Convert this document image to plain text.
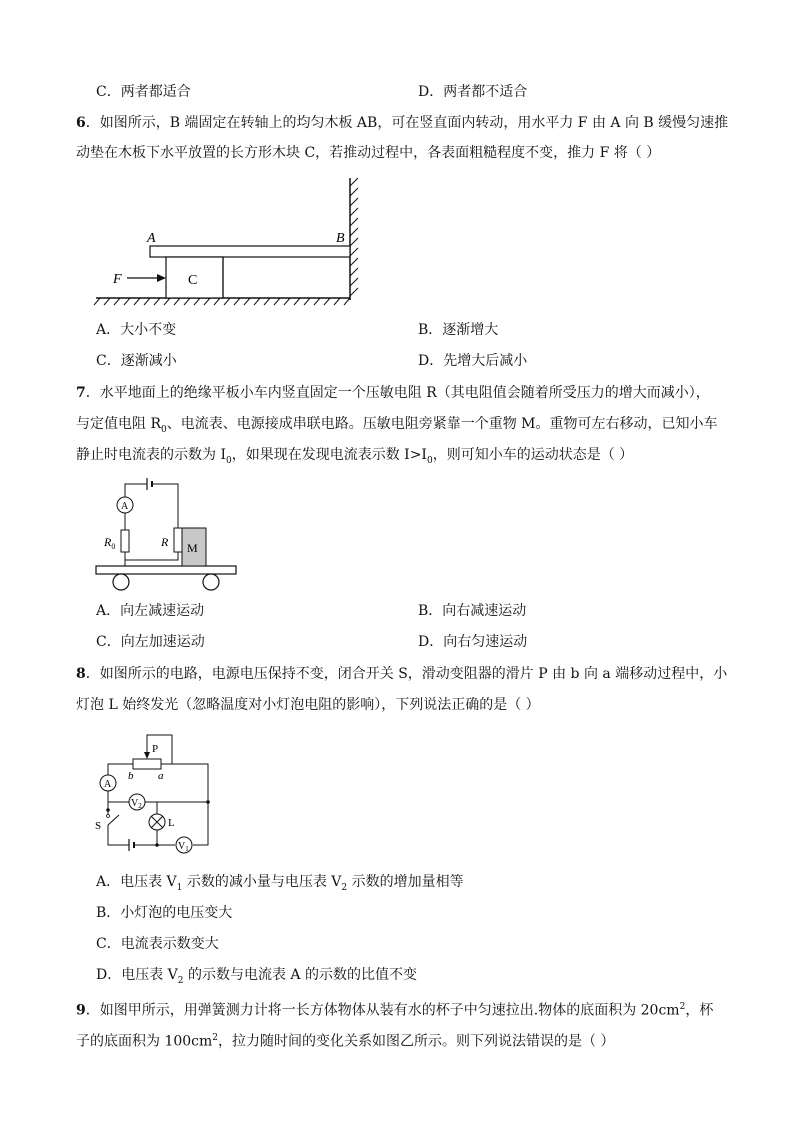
C．两者都适合	D．两者都不适合
6．如图所示，B 端固定在转轴上的均匀木板 AB，可在竖直面内转动，用水平力 F 由 A 向 B 缓慢匀速推
动垫在木板下水平放置的长方形木块 C，若推动过程中，各表面粗糙程度不变，推力 F 将（ ）
A	B
C
F
A．大小不变	B．逐渐增大
C．逐渐减小	D．先增大后减小
7．水平地面上的绝缘平板小车内竖直固定一个压敏电阻 R（其电阻值会随着所受压力的增大而减小），
与定值电阻 $R_0$、电流表、电源接成串联电路。压敏电阻旁紧靠一个重物 M。重物可左右移动，已知小车
静止时电流表的示数为 $I_0$，如果现在发现电流表示数 $I>I_0$，则可知小车的运动状态是（ ）
A
M
$R_0$	R
A．向左减速运动	B．向右减速运动
C．向左加速运动	D．向右匀速运动
8．如图所示的电路，电源电压保持不变，闭合开关 S，滑动变阻器的滑片 P 由 b 向 a 端移动过程中，小
灯泡 L 始终发光（忽略温度对小灯泡电阻的影响），下列说法正确的是（ ）
P
b a
A
$V_2$
S	L
$V_1$
A．电压表 $V_1$ 示数的减小量与电压表 $V_2$ 示数的增加量相等
B．小灯泡的电压变大
C．电流表示数变大
D．电压表 $V_2$ 的示数与电流表 A 的示数的比值不变
9．如图甲所示，用弹簧测力计将一长方体物体从装有水的杯子中匀速拉出.物体的底面积为 $20cm^2$，杯
子的底面积为 $100cm^2$，拉力随时间的变化关系如图乙所示。则下列说法错误的是（ ）
